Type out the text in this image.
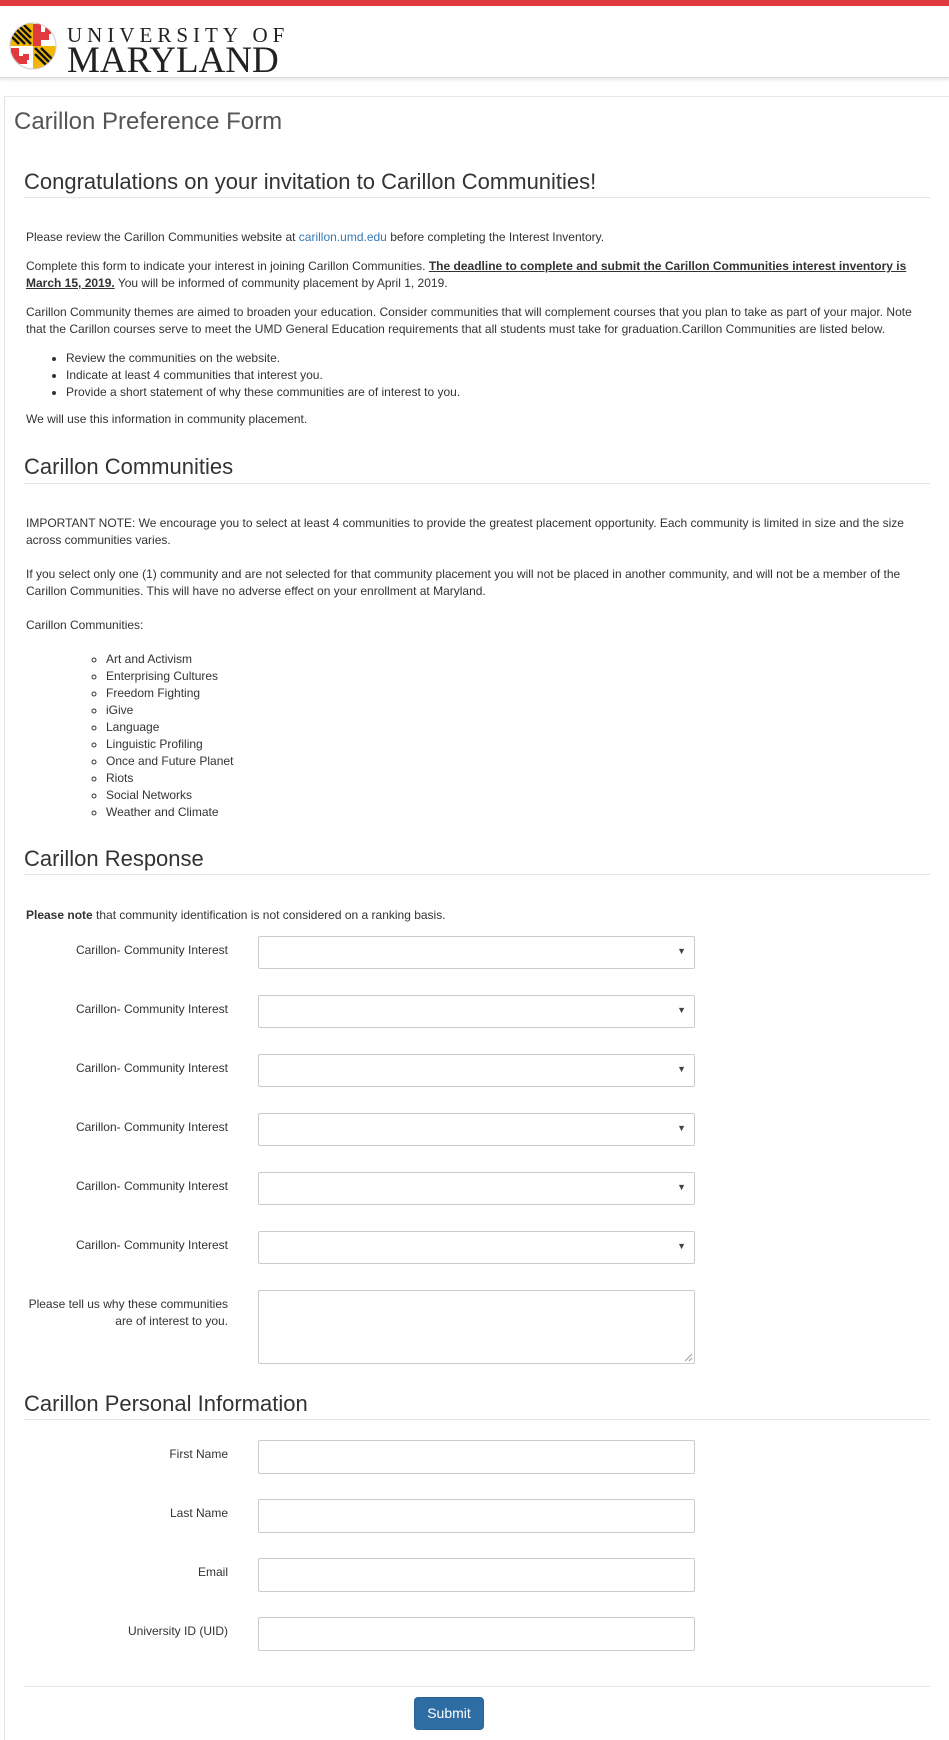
UNIVERSITY OF
MARYLAND
Carillon Preference Form
Congratulations on your invitation to Carillon Communities!
Please review the Carillon Communities website at carillon.umd.edu before completing the Interest Inventory.
Complete this form to indicate your interest in joining Carillon Communities. The deadline to complete and submit the Carillon Communities interest inventory is March 15, 2019. You will be informed of community placement by April 1, 2019.
Carillon Community themes are aimed to broaden your education. Consider communities that will complement courses that you plan to take as part of your major. Note that the Carillon courses serve to meet the UMD General Education requirements that all students must take for graduation.Carillon Communities are listed below.
• Review the communities on the website.
• Indicate at least 4 communities that interest you.
• Provide a short statement of why these communities are of interest to you.
We will use this information in community placement.
Carillon Communities
IMPORTANT NOTE: We encourage you to select at least 4 communities to provide the greatest placement opportunity. Each community is limited in size and the size across communities varies.
If you select only one (1) community and are not selected for that community placement you will not be placed in another community, and will not be a member of the Carillon Communities. This will have no adverse effect on your enrollment at Maryland.
Carillon Communities:
◦ Art and Activism
◦ Enterprising Cultures
◦ Freedom Fighting
◦ iGive
◦ Language
◦ Linguistic Profiling
◦ Once and Future Planet
◦ Riots
◦ Social Networks
◦ Weather and Climate
Carillon Response
Please note that community identification is not considered on a ranking basis.
Carillon- Community Interest	▼
Carillon- Community Interest	▼
Carillon- Community Interest	▼
Carillon- Community Interest	▼
Carillon- Community Interest	▼
Carillon- Community Interest	▼
Please tell us why these communities
are of interest to you.
Carillon Personal Information
First Name
Last Name
Email
University ID (UID)
Submit
